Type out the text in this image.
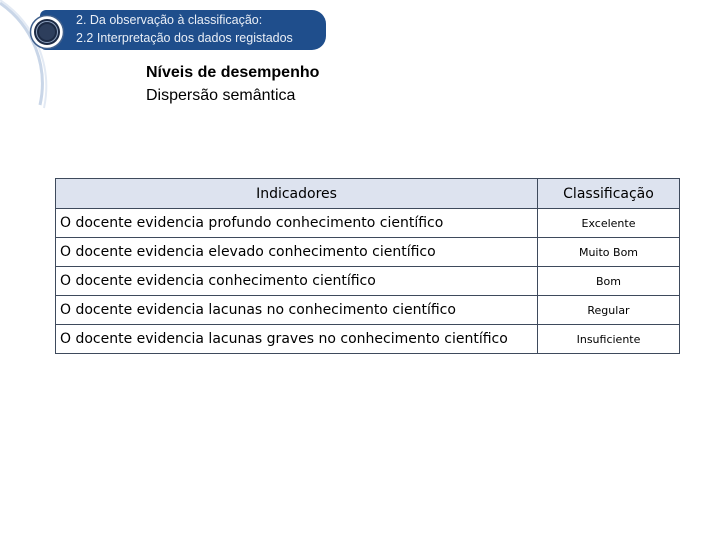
2. Da observação à classificação:
2.2 Interpretação dos dados registados
Níveis de desempenho
Dispersão semântica
Indicadores	Classificação
O docente evidencia profundo conhecimento científico	Excelente
O docente evidencia elevado conhecimento científico	Muito Bom
O docente evidencia conhecimento científico	Bom
O docente evidencia lacunas no conhecimento científico	Regular
O docente evidencia lacunas graves no conhecimento científico	Insuficiente
